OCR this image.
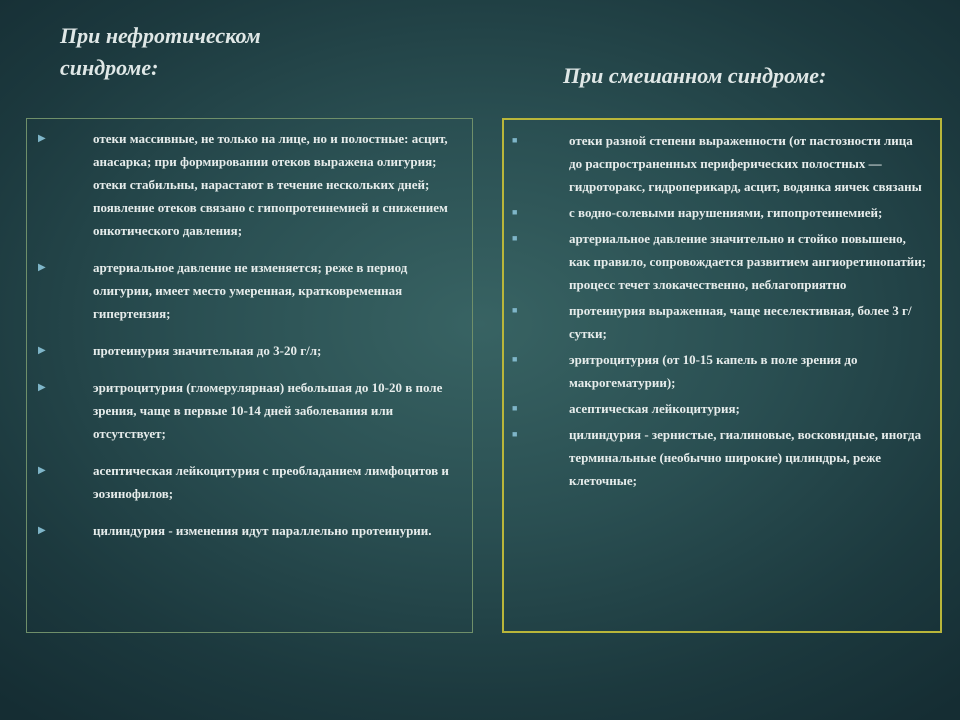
При нефротическом синдроме:	При смешанном синдроме:
▶	отеки массивные, не только на лице, но и полостные: асцит, анасарка; при формировании отеков выражена олигурия; отеки стабильны, нарастают в течение нескольких дней; появление отеков связано с гипопротеинемией и снижением онкотического давления;
▶	артериальное давление не изменяется; реже в период олигурии, имеет место умеренная, кратковременная гипертензия;
▶	протеинурия значительная до 3-20 г/л;
▶	эритроцитурия (гломерулярная) небольшая до 10-20 в поле зрения, чаще в первые 10-14 дней заболевания или отсутствует;
▶	асептическая лейкоцитурия с преобладанием лимфоцитов и эозинофилов;
▶	цилиндурия - изменения идут параллельно протеинурии.
■	отеки разной степени выраженности (от пастозности лица до распространенных периферических полостных — гидроторакс, гидроперикард, асцит, водянка яичек связаны
■	с водно-солевыми нарушениями, гипопротеинемией;
■	артериальное давление значительно и стойко повышено, как правило, сопровождается развитием ангиоретинопатйи; процесс течет злокачественно, неблагоприятно
■	протеинурия выраженная, чаще неселективная, более 3 г/сутки;
■	эритроцитурия (от 10-15 капель в поле зрения до макрогематурии);
■	асептическая лейкоцитурия;
■	цилиндурия - зернистые, гиалиновые, восковидные, иногда терминальные (необычно широкие) цилиндры, реже клеточные;
